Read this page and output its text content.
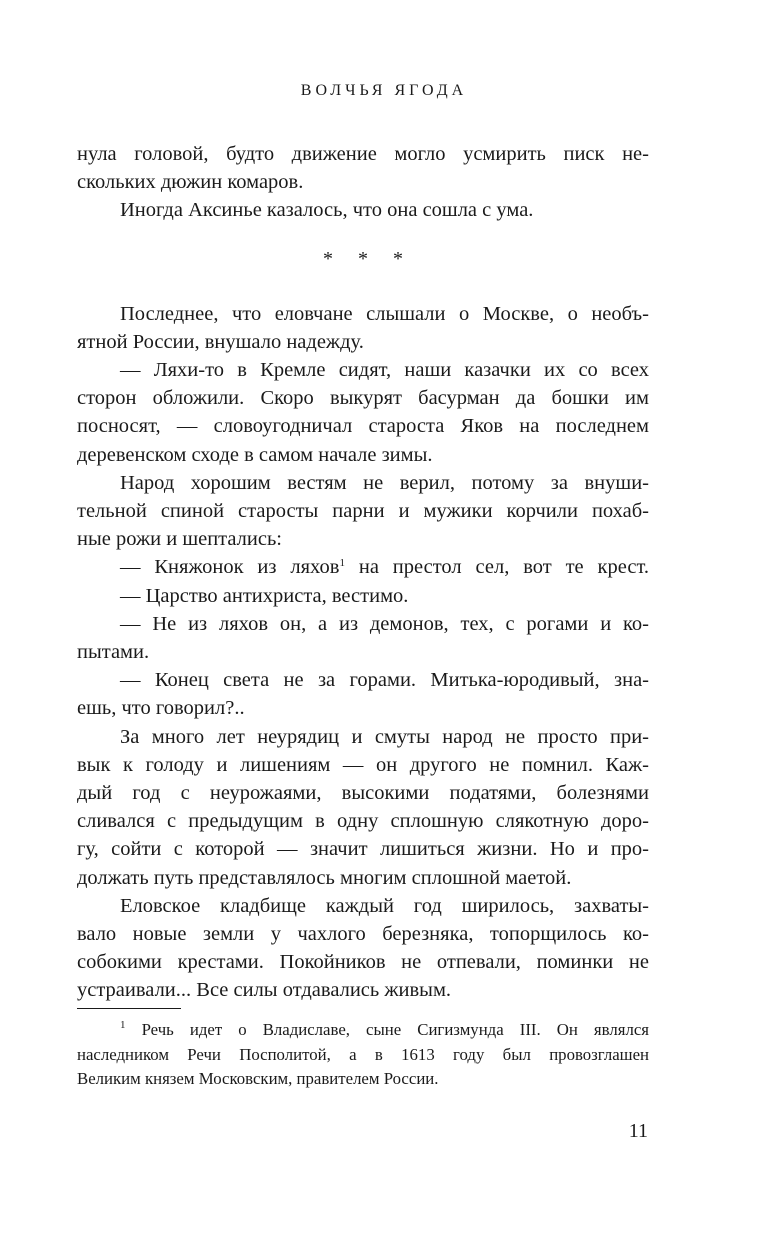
ВОЛЧЬЯ ЯГОДА
нула головой, будто движение могло усмирить писк не-
скольких дюжин комаров.
Иногда Аксинье казалось, что она сошла с ума.
* * *
Последнее, что еловчане слышали о Москве, о необъ-
ятной России, внушало надежду.
— Ляхи-то в Кремле сидят, наши казачки их со всех
сторон обложили. Скоро выкурят басурман да бошки им
посносят, — словоугодничал староста Яков на последнем
деревенском сходе в самом начале зимы.
Народ хорошим вестям не верил, потому за внуши-
тельной спиной старосты парни и мужики корчили похаб-
ные рожи и шептались:
— Княжонок из ляхов$^1$ на престол сел, вот те крест.
— Царство антихриста, вестимо.
— Не из ляхов он, а из демонов, тех, с рогами и ко-
пытами.
— Конец света не за горами. Митька-юродивый, зна-
ешь, что говорил?..
За много лет неурядиц и смуты народ не просто при-
вык к голоду и лишениям — он другого не помнил. Каж-
дый год с неурожаями, высокими податями, болезнями
сливался с предыдущим в одну сплошную слякотную доро-
гу, сойти с которой — значит лишиться жизни. Но и про-
должать путь представлялось многим сплошной маетой.
Еловское кладбище каждый год ширилось, захваты-
вало новые земли у чахлого березняка, топорщилось ко-
собокими крестами. Покойников не отпевали, поминки не
устраивали... Все силы отдавались живым.
$^1$ Речь идет о Владиславе, сыне Сигизмунда III. Он являлся
наследником Речи Посполитой, а в 1613 году был провозглашен
Великим князем Московским, правителем России.
11
